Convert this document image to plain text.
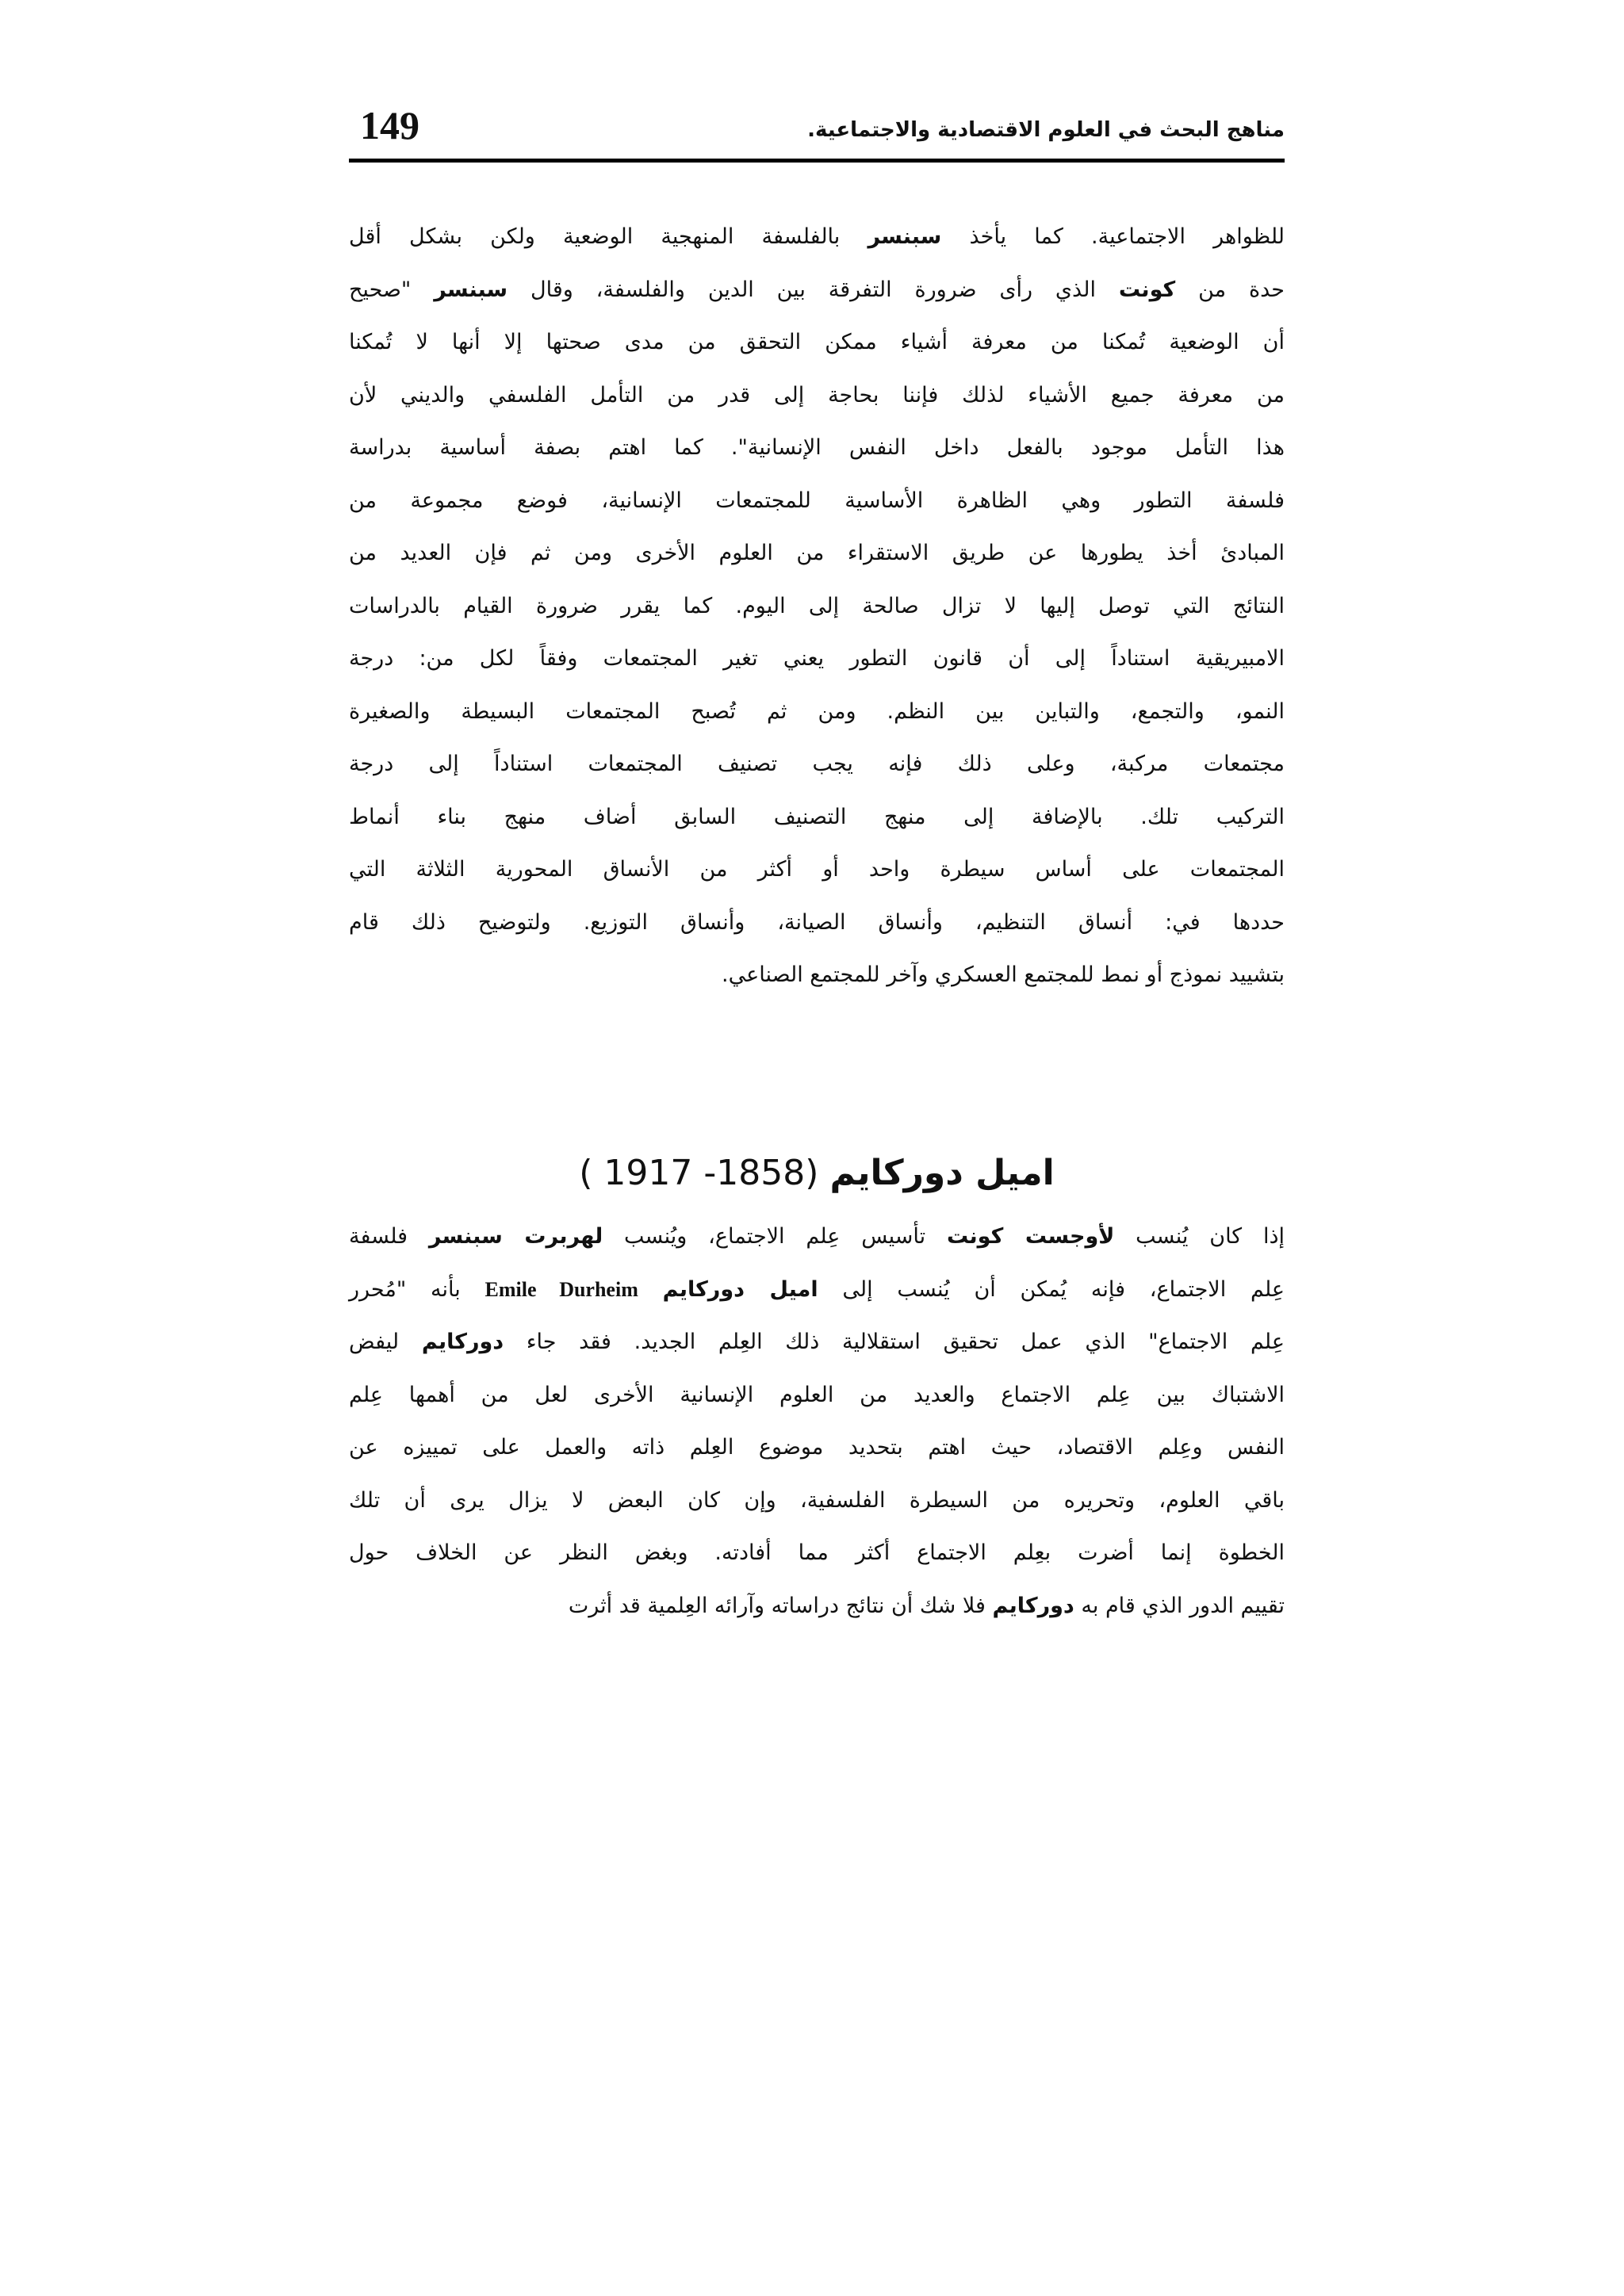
149	مناهج البحث في العلوم الاقتصادية والاجتماعية.
للظواهر الاجتماعية. كما يأخذ سبنسر بالفلسفة المنهجية الوضعية ولكن بشكل أقل
حدة من كونت الذي رأى ضرورة التفرقة بين الدين والفلسفة، وقال سبنسر "صحيح
أن الوضعية تُمكنا من معرفة أشياء ممكن التحقق من مدى صحتها إلا أنها لا تُمكنا
من معرفة جميع الأشياء لذلك فإننا بحاجة إلى قدر من التأمل الفلسفي والديني لأن
هذا التأمل موجود بالفعل داخل النفس الإنسانية". كما اهتم بصفة أساسية بدراسة
فلسفة التطور وهي الظاهرة الأساسية للمجتمعات الإنسانية، فوضع مجموعة من
المبادئ أخذ يطورها عن طريق الاستقراء من العلوم الأخرى ومن ثم فإن العديد من
النتائج التي توصل إليها لا تزال صالحة إلى اليوم. كما يقرر ضرورة القيام بالدراسات
الامبيريقية استناداً إلى أن قانون التطور يعني تغير المجتمعات وفقاً لكل من: درجة
النمو، والتجمع، والتباين بين النظم. ومن ثم تُصبح المجتمعات البسيطة والصغيرة
مجتمعات مركبة، وعلى ذلك فإنه يجب تصنيف المجتمعات استناداً إلى درجة
التركيب تلك. بالإضافة إلى منهج التصنيف السابق أضاف منهج بناء أنماط
المجتمعات على أساس سيطرة واحد أو أكثر من الأنساق المحورية الثلاثة التي
حددها في: أنساق التنظيم، وأنساق الصيانة، وأنساق التوزيع. ولتوضيح ذلك قام
بتشييد نموذج أو نمط للمجتمع العسكري وآخر للمجتمع الصناعي.
اميل دوركايم (1858- 1917 )
إذا كان يُنسب لأوجست كونت تأسيس عِلم الاجتماع، ويُنسب لهربرت سبنسر فلسفة
عِلم الاجتماع، فإنه يُمكن أن يُنسب إلى اميل دوركايم Emile Durheim بأنه "مُحرر
عِلم الاجتماع" الذي عمل تحقيق استقلالية ذلك العِلم الجديد. فقد جاء دوركايم ليفض
الاشتباك بين عِلم الاجتماع والعديد من العلوم الإنسانية الأخرى لعل من أهمها عِلم
النفس وعِلم الاقتصاد، حيث اهتم بتحديد موضوع العِلم ذاته والعمل على تمييزه عن
باقي العلوم، وتحريره من السيطرة الفلسفية، وإن كان البعض لا يزال يرى أن تلك
الخطوة إنما أضرت بعِلم الاجتماع أكثر مما أفادته. وبغض النظر عن الخلاف حول
تقييم الدور الذي قام به دوركايم فلا شك أن نتائج دراساته وآرائه العِلمية قد أثرت
